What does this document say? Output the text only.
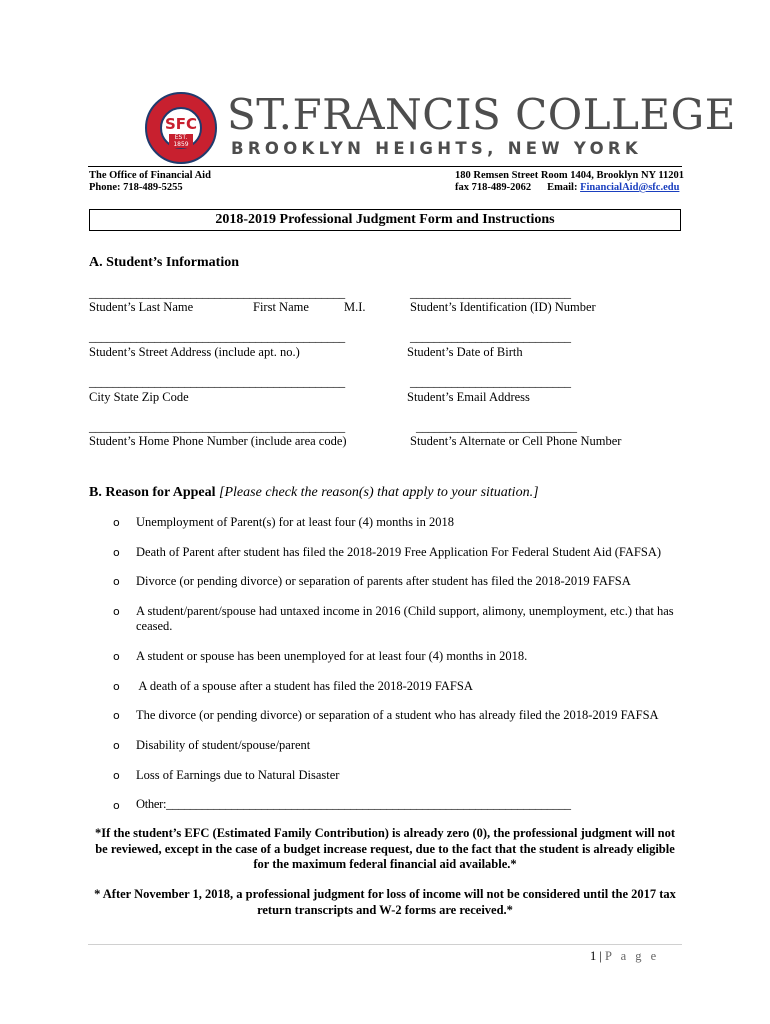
SFC
EST. 1859
ST.FRANCIS COLLEGE
BROOKLYN HEIGHTS, NEW YORK
The Office of Financial Aid
Phone: 718-489-5255
180 Remsen Street Room 1404, Brooklyn NY 11201
fax 718-489-2062 Email: FinancialAid@sfc.edu
2018-2019 Professional Judgment Form and Instructions
A. Student’s Information
___________________________________________
Student’s Last Name	First Name	M.I.
___________________________
Student’s Identification (ID) Number
___________________________________________
Student’s Street Address (include apt. no.)
___________________________
Student’s Date of Birth
___________________________________________
City State Zip Code
___________________________
Student’s Email Address
___________________________________________
Student’s Home Phone Number (include area code)
___________________________
Student’s Alternate or Cell Phone Number
B. Reason for Appeal [Please check the reason(s) that apply to your situation.]
o Unemployment of Parent(s) for at least four (4) months in 2018
o Death of Parent after student has filed the 2018-2019 Free Application For Federal Student Aid (FAFSA)
o Divorce (or pending divorce) or separation of parents after student has filed the 2018-2019 FAFSA
o A student/parent/spouse had untaxed income in 2016 (Child support, alimony, unemployment, etc.) that has
ceased.
o A student or spouse has been unemployed for at least four (4) months in 2018.
o A death of a spouse after a student has filed the 2018-2019 FAFSA
o The divorce (or pending divorce) or separation of a student who has already filed the 2018-2019 FAFSA
o Disability of student/spouse/parent
o Loss of Earnings due to Natural Disaster
o Other:____________________________________________________________________
*If the student’s EFC (Estimated Family Contribution) is already zero (0), the professional judgment will not be reviewed, except in the case of a budget increase request, due to the fact that the student is already eligible for the maximum federal financial aid available.*
* After November 1, 2018, a professional judgment for loss of income will not be considered until the 2017 tax return transcripts and W-2 forms are received.*
1 | P a g e
